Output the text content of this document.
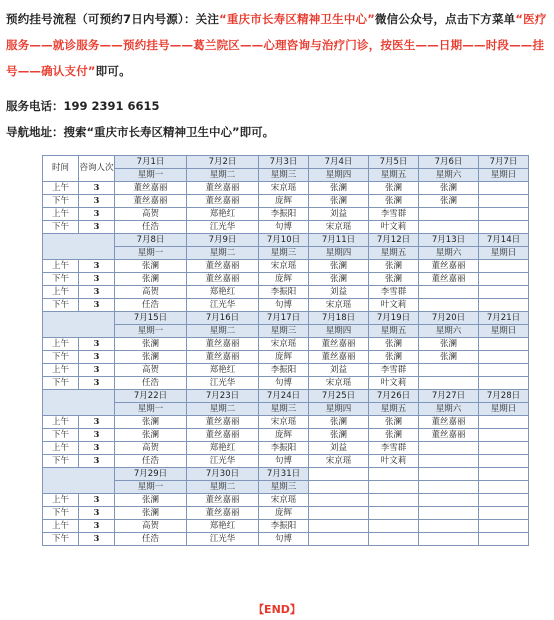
预约挂号流程（可预约7日内号源）：关注“重庆市长寿区精神卫生中心”微信公众号，点击下方菜单“医疗服务——就诊服务——预约挂号——葛兰院区——心理咨询与治疗门诊，按医生——日期——时段——挂号——确认支付”即可。
服务电话：199 2391 6615
导航地址：搜索“重庆市长寿区精神卫生中心”即可。
时间	咨询人次	7月1日	7月2日	7月3日	7月4日	7月5日	7月6日	7月7日
		星期一	星期二	星期三	星期四	星期五	星期六	星期日
上午	3	董丝嘉丽	董丝嘉丽	宋京瑶	张澜	张澜	张澜	
下午	3	董丝嘉丽	董丝嘉丽	庞辉	张澜	张澜	张澜	
上午	3	高贺	郑艳红	李振阳	刘益	李雪群		
下午	3	任浩	江光华	句博	宋京瑶	叶文莉		
		7月8日	7月9日	7月10日	7月11日	7月12日	7月13日	7月14日
		星期一	星期二	星期三	星期四	星期五	星期六	星期日
上午	3	张澜	董丝嘉丽	宋京瑶	张澜	张澜	董丝嘉丽	
下午	3	张澜	董丝嘉丽	庞辉	张澜	张澜	董丝嘉丽	
上午	3	高贺	郑艳红	李振阳	刘益	李雪群		
下午	3	任浩	江光华	句博	宋京瑶	叶文莉		
		7月15日	7月16日	7月17日	7月18日	7月19日	7月20日	7月21日
		星期一	星期二	星期三	星期四	星期五	星期六	星期日
上午	3	张澜	董丝嘉丽	宋京瑶	董丝嘉丽	张澜	张澜	
下午	3	张澜	董丝嘉丽	庞辉	董丝嘉丽	张澜	张澜	
上午	3	高贺	郑艳红	李振阳	刘益	李雪群		
下午	3	任浩	江光华	句博	宋京瑶	叶文莉		
		7月22日	7月23日	7月24日	7月25日	7月26日	7月27日	7月28日
		星期一	星期二	星期三	星期四	星期五	星期六	星期日
上午	3	张澜	董丝嘉丽	宋京瑶	张澜	张澜	董丝嘉丽	
下午	3	张澜	董丝嘉丽	庞辉	张澜	张澜	董丝嘉丽	
上午	3	高贺	郑艳红	李振阳	刘益	李雪群		
下午	3	任浩	江光华	句博	宋京瑶	叶文莉		
		7月29日	7月30日	7月31日				
		星期一	星期二	星期三				
上午	3	张澜	董丝嘉丽	宋京瑶				
下午	3	张澜	董丝嘉丽	庞辉				
上午	3	高贺	郑艳红	李振阳				
下午	3	任浩	江光华	句博				
【END】
